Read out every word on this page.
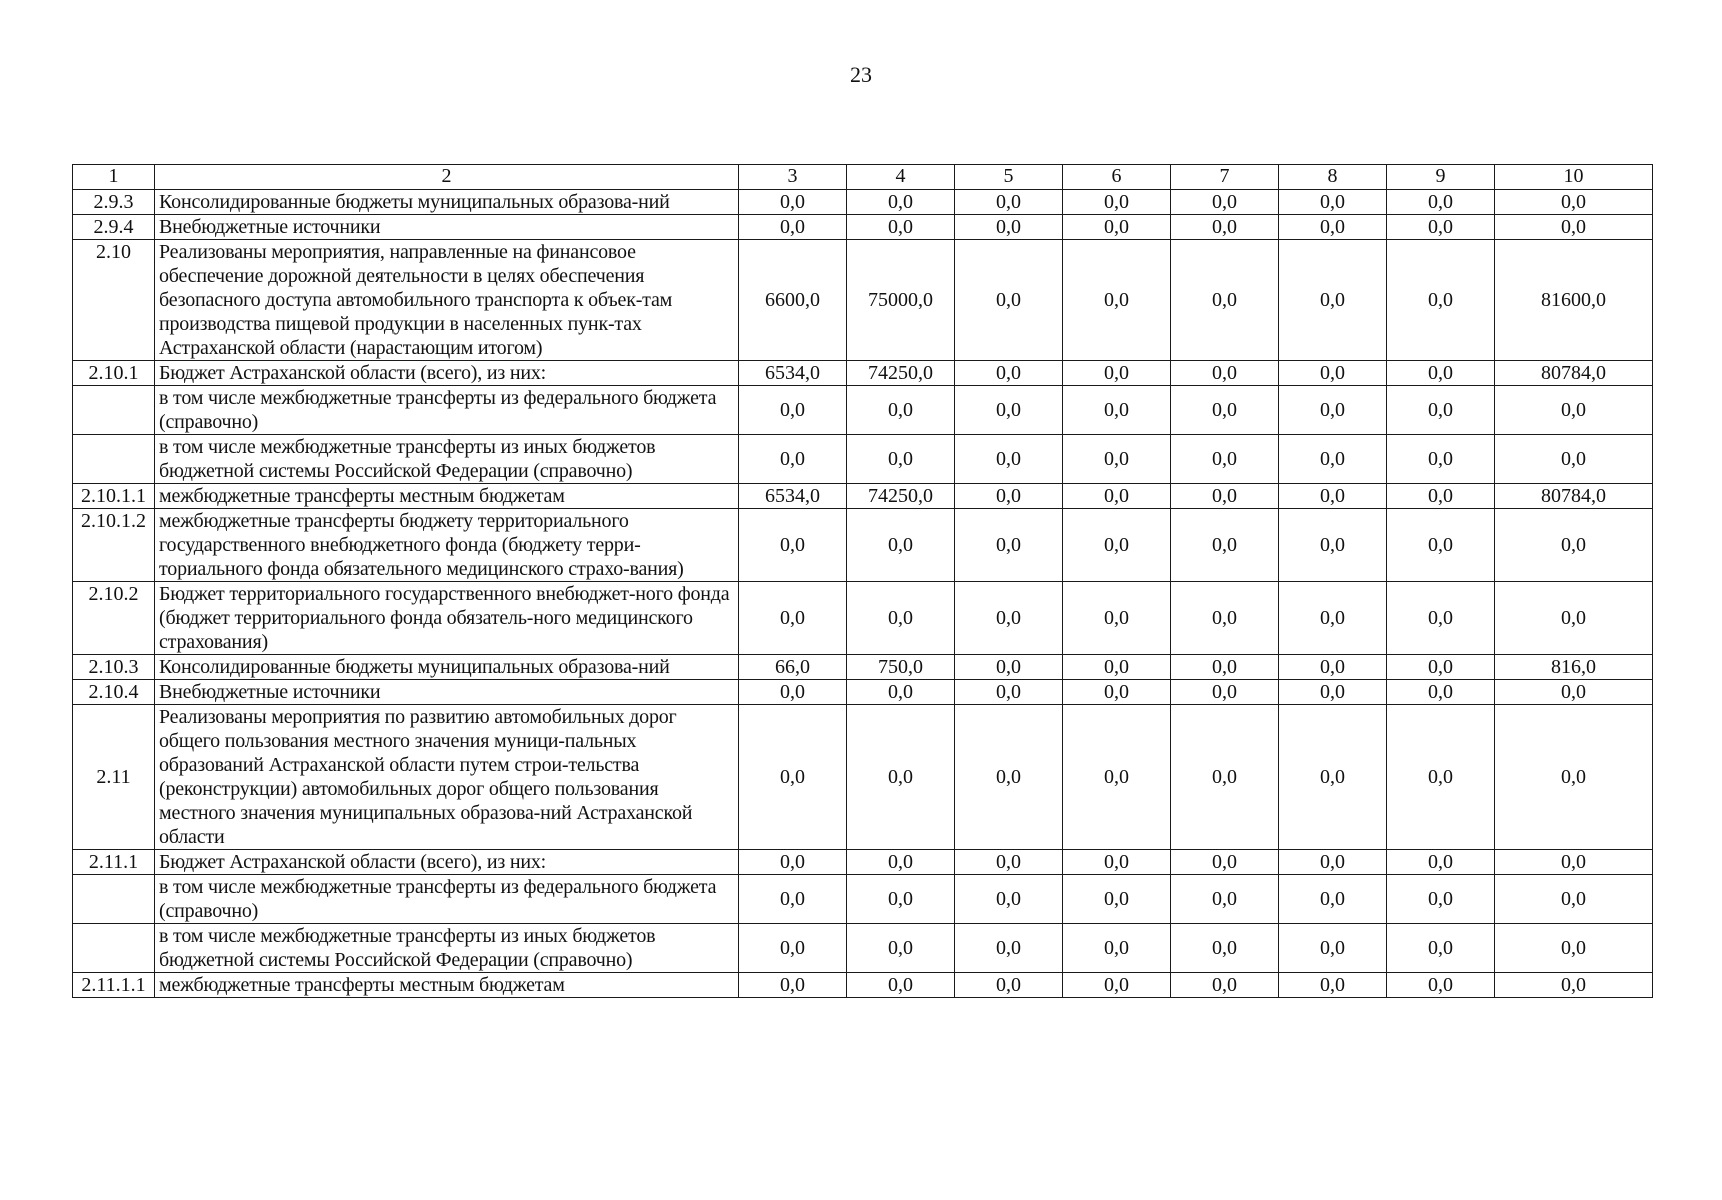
23
1	2	3	4	5	6	7	8	9	10
2.9.3	Консолидированные бюджеты муниципальных образова-ний	0,0	0,0	0,0	0,0	0,0	0,0	0,0	0,0
2.9.4	Внебюджетные источники	0,0	0,0	0,0	0,0	0,0	0,0	0,0	0,0
2.10	Реализованы мероприятия, направленные на финансовое обеспечение дорожной деятельности в целях обеспечения безопасного доступа автомобильного транспорта к объек-там производства пищевой продукции в населенных пунк-тах Астраханской области (нарастающим итогом)	6600,0	75000,0	0,0	0,0	0,0	0,0	0,0	81600,0
2.10.1	Бюджет Астраханской области (всего), из них:	6534,0	74250,0	0,0	0,0	0,0	0,0	0,0	80784,0
	в том числе межбюджетные трансферты из федерального бюджета (справочно)	0,0	0,0	0,0	0,0	0,0	0,0	0,0	0,0
	в том числе межбюджетные трансферты из иных бюджетов бюджетной системы Российской Федерации (справочно)	0,0	0,0	0,0	0,0	0,0	0,0	0,0	0,0
2.10.1.1	межбюджетные трансферты местным бюджетам	6534,0	74250,0	0,0	0,0	0,0	0,0	0,0	80784,0
2.10.1.2	межбюджетные трансферты бюджету территориального государственного внебюджетного фонда (бюджету терри-ториального фонда обязательного медицинского страхо-вания)	0,0	0,0	0,0	0,0	0,0	0,0	0,0	0,0
2.10.2	Бюджет территориального государственного внебюджет-ного фонда (бюджет территориального фонда обязатель-ного медицинского страхования)	0,0	0,0	0,0	0,0	0,0	0,0	0,0	0,0
2.10.3	Консолидированные бюджеты муниципальных образова-ний	66,0	750,0	0,0	0,0	0,0	0,0	0,0	816,0
2.10.4	Внебюджетные источники	0,0	0,0	0,0	0,0	0,0	0,0	0,0	0,0
2.11	Реализованы мероприятия по развитию автомобильных дорог общего пользования местного значения муници-пальных образований Астраханской области путем строи-тельства (реконструкции) автомобильных дорог общего пользования местного значения муниципальных образова-ний Астраханской области	0,0	0,0	0,0	0,0	0,0	0,0	0,0	0,0
2.11.1	Бюджет Астраханской области (всего), из них:	0,0	0,0	0,0	0,0	0,0	0,0	0,0	0,0
	в том числе межбюджетные трансферты из федерального бюджета (справочно)	0,0	0,0	0,0	0,0	0,0	0,0	0,0	0,0
	в том числе межбюджетные трансферты из иных бюджетов бюджетной системы Российской Федерации (справочно)	0,0	0,0	0,0	0,0	0,0	0,0	0,0	0,0
2.11.1.1	межбюджетные трансферты местным бюджетам	0,0	0,0	0,0	0,0	0,0	0,0	0,0	0,0
